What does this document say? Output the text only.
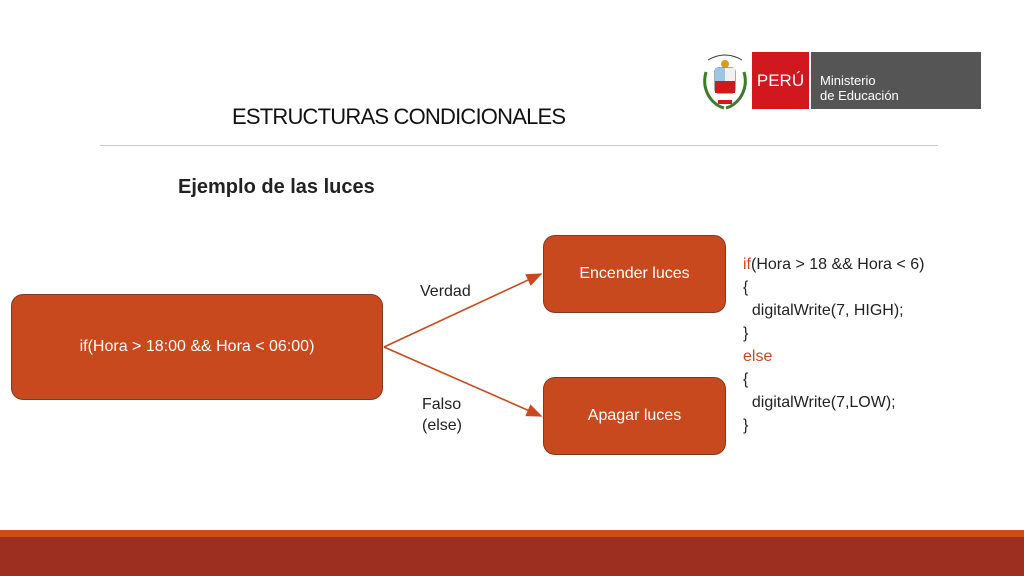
ESTRUCTURAS CONDICIONALES
PERÚ	Ministerio
de Educación
Ejemplo de las luces
if(Hora > 18:00 && Hora < 06:00)
Encender luces
Apagar luces
Verdad
Falso
(else)
if(Hora > 18 && Hora < 6)
{
digitalWrite(7, HIGH);
}
else
{
digitalWrite(7,LOW);
}
